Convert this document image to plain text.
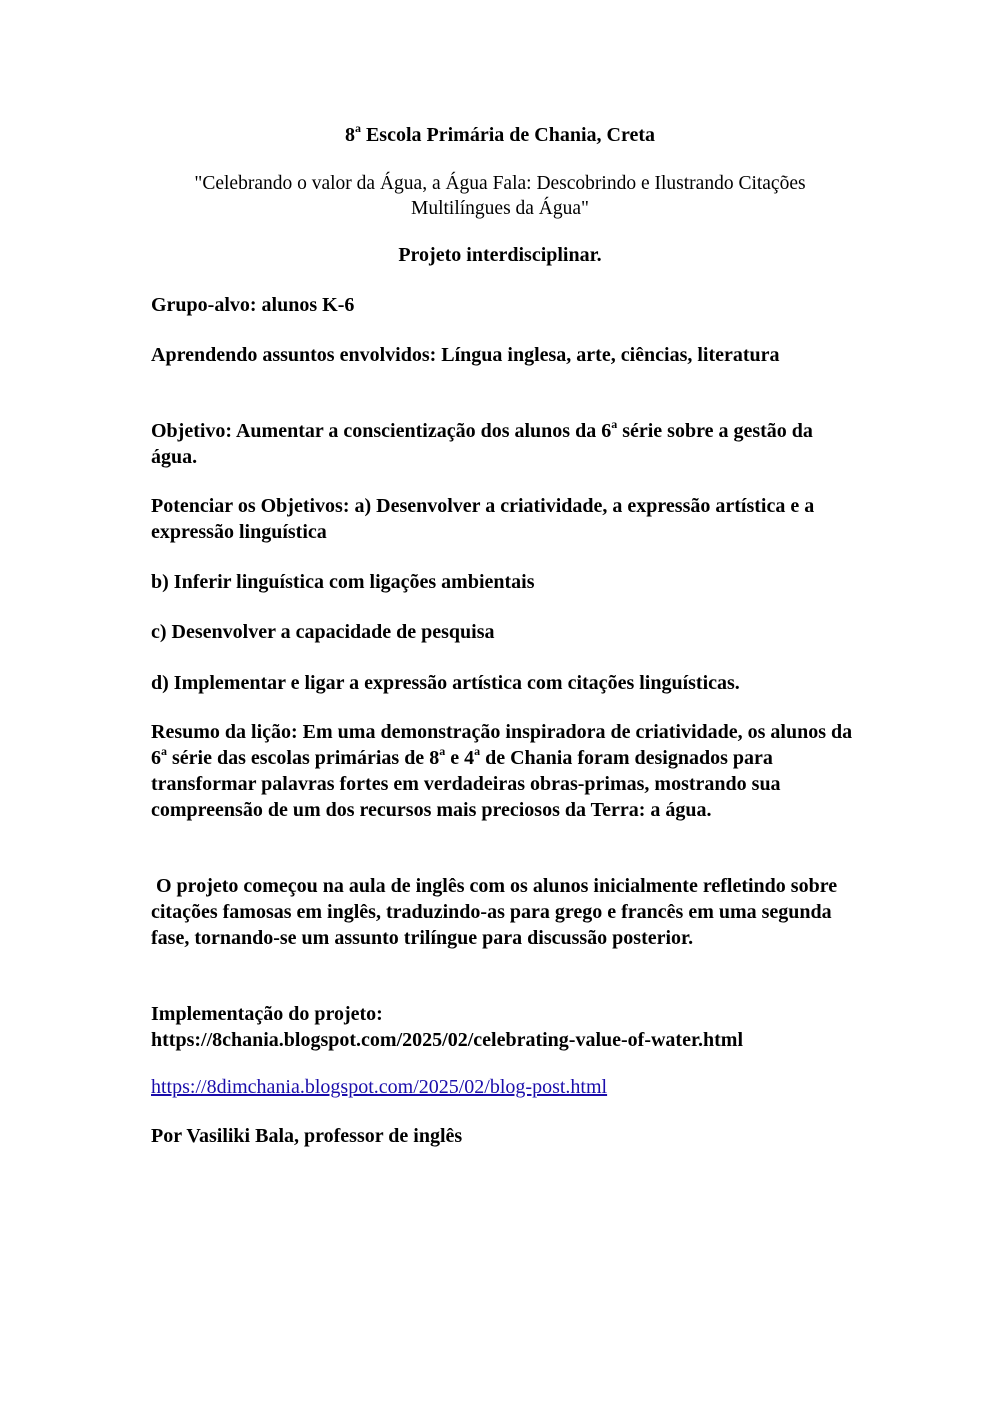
8$^a$ Escola Primária de Chania, Creta
"Celebrando o valor da Água, a Água Fala: Descobrindo e Ilustrando Citações
Multilíngues da Água"
Projeto interdisciplinar.

Grupo-alvo: alunos K-6

Aprendendo assuntos envolvidos: Língua inglesa, arte, ciências, literatura

Objetivo: Aumentar a conscientização dos alunos da 6$^a$ série sobre a gestão da água.

Potenciar os Objetivos: a) Desenvolver a criatividade, a expressão artística e a expressão linguística

b) Inferir linguística com ligações ambientais

c) Desenvolver a capacidade de pesquisa

d) Implementar e ligar a expressão artística com citações linguísticas.

Resumo da lição: Em uma demonstração inspiradora de criatividade, os alunos da 6$^a$ série das escolas primárias de 8$^a$ e 4$^a$ de Chania foram designados para transformar palavras fortes em verdadeiras obras-primas, mostrando sua compreensão de um dos recursos mais preciosos da Terra: a água.

O projeto começou na aula de inglês com os alunos inicialmente refletindo sobre citações famosas em inglês, traduzindo-as para grego e francês em uma segunda fase, tornando-se um assunto trilíngue para discussão posterior.

Implementação do projeto:
https://8chania.blogspot.com/2025/02/celebrating-value-of-water.html

https://8dimchania.blogspot.com/2025/02/blog-post.html

Por Vasiliki Bala, professor de inglês
